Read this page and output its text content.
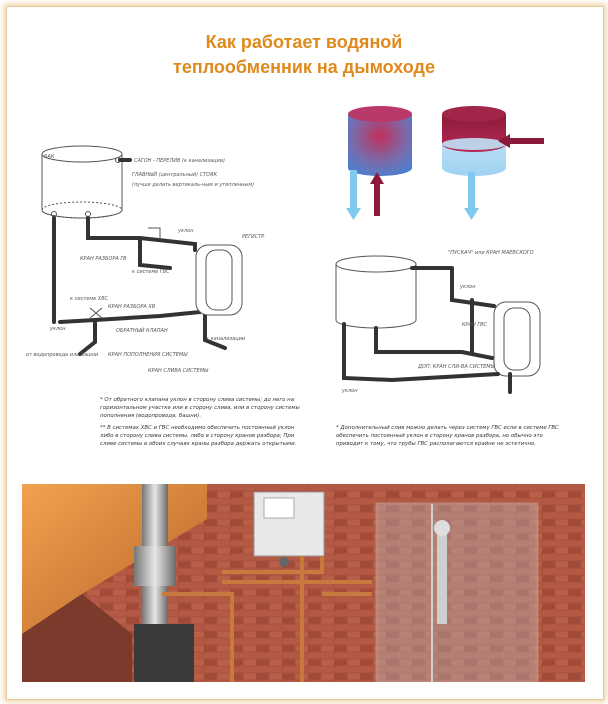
Как работает водяной
теплообменник на дымоходе
БАК
САГОН - ПЕРЕЛИВ (к канализации)
ГЛАВНЫЙ (центральный) СТОЯК
(лучше делать вертикаль-ным и утепленным)
уклон
РЕГИСТР
КРАН РАЗБОРА ГВ
к системе ГВС
к системе ХВС
КРАН РАЗБОРА ХВ
ОБРАТНЫЙ КЛАПАН
уклон
к канализации
от водопровода или башни КРАН ПОПОЛНЕНИЯ СИСТЕМЫ
КРАН СЛИВА СИСТЕМЫ
"ПУСКАЧ" или КРАН МАЕВСКОГО
уклон
КРАН ГВС
ДОП. КРАН СЛИ-ВА СИСТЕМЫ
уклон

* От обратного клапана уклон в сторону слива системы; до него на горизонтальном участке или в сторону слива, или в сторону системы пополнения (водопровода, башни).

** В системах ХВС и ГВС необходимо обеспечить постоянный уклон либо в сторону слива системы, либо в сторону кранов разбора; При сливе системы в обоих случаях краны разбора держать открытыми.

* Дополнительный слив можно делать через систему ГВС если в системе ГВС обеспечить постоянный уклон в сторону кранов разбора, но обычно это приводит к тому, что трубы ГВС располагаются крайне не эстетично.
